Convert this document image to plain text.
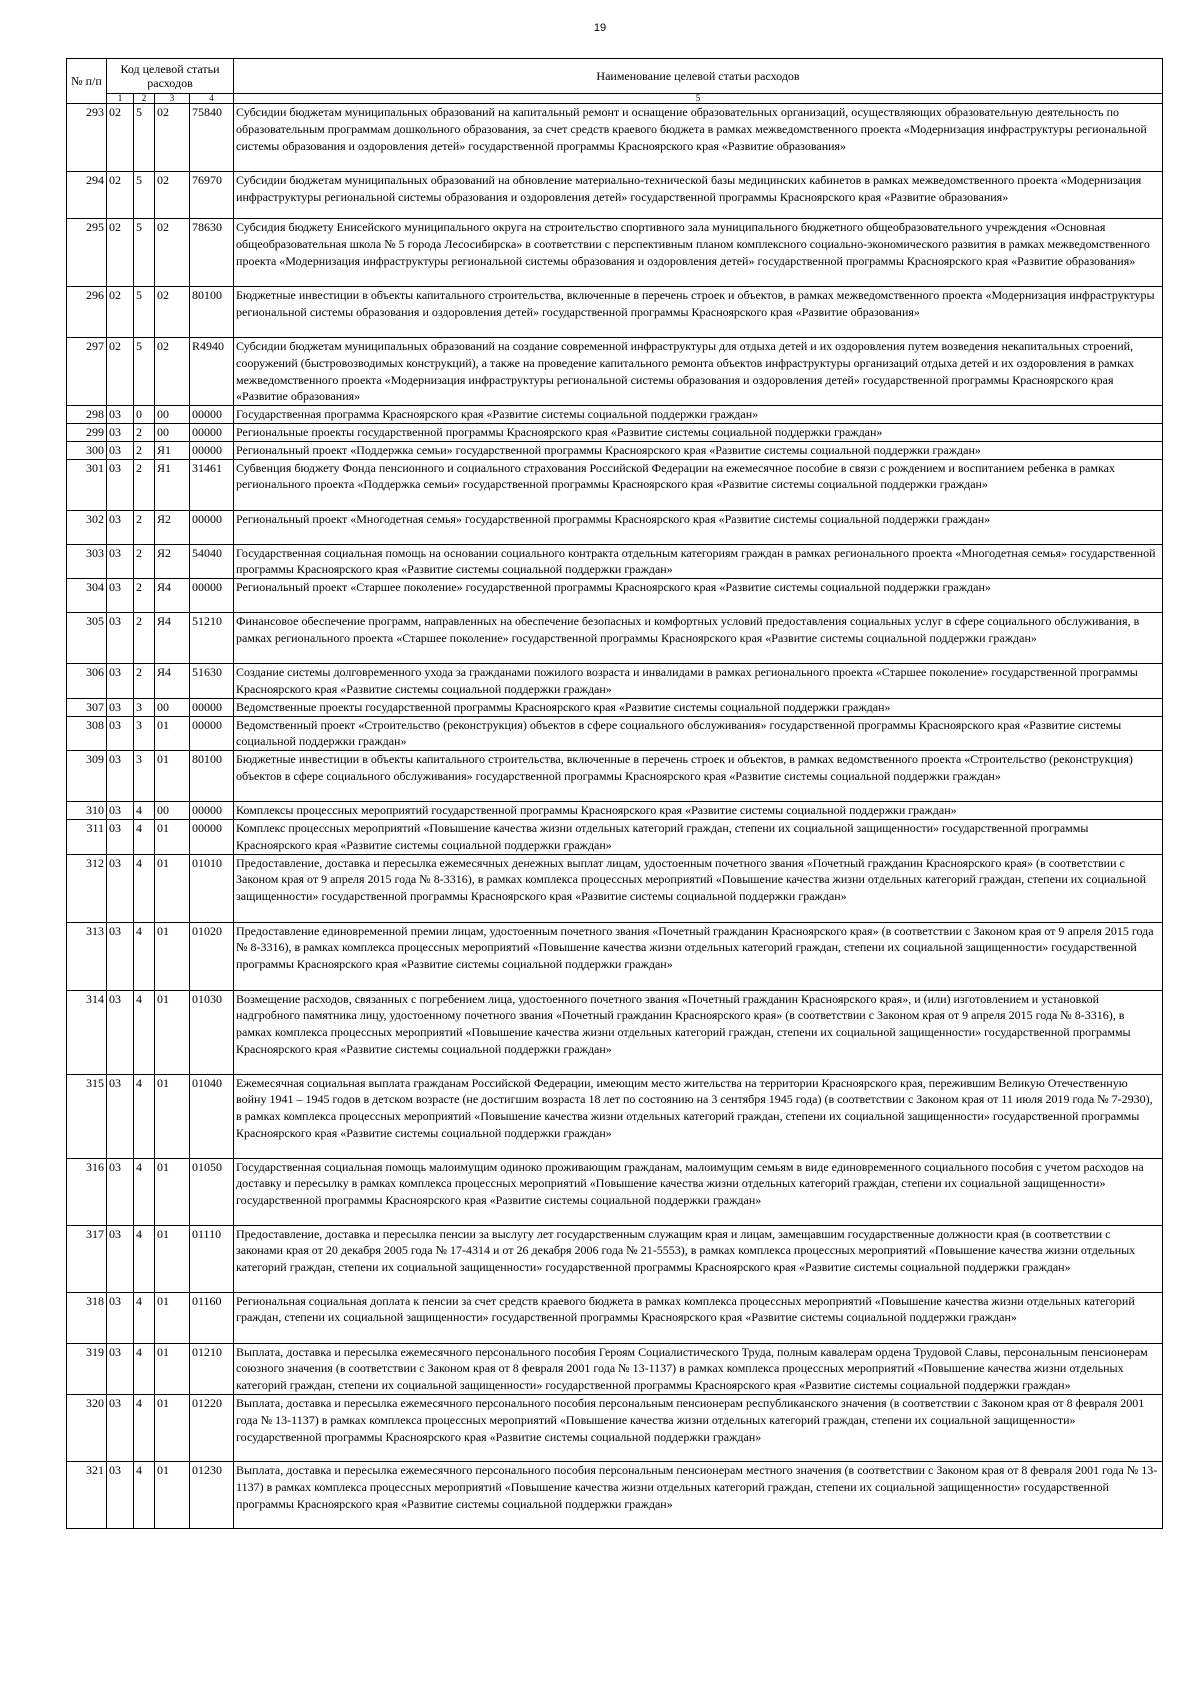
19
№ п/п	Код целевой статьи расходов				Наименование целевой статьи расходов
	1	2	3	4	5
293	02	5	02	75840	Субсидии бюджетам муниципальных образований на капитальный ремонт и оснащение образовательных организаций, осуществляющих образовательную деятельность по образовательным программам дошкольного образования, за счет средств краевого бюджета в рамках межведомственного проекта «Модернизация инфраструктуры региональной системы образования и оздоровления детей» государственной программы Красноярского края «Развитие образования»
294	02	5	02	76970	Субсидии бюджетам муниципальных образований на обновление материально-технической базы медицинских кабинетов в рамках межведомственного проекта «Модернизация инфраструктуры региональной системы образования и оздоровления детей» государственной программы Красноярского края «Развитие образования»
295	02	5	02	78630	Субсидия бюджету Енисейского муниципального округа на строительство спортивного зала муниципального бюджетного общеобразовательного учреждения «Основная общеобразовательная школа № 5 города Лесосибирска» в соответствии с перспективным планом комплексного социально-экономического развития в рамках межведомственного проекта «Модернизация инфраструктуры региональной системы образования и оздоровления детей» государственной программы Красноярского края «Развитие образования»
296	02	5	02	80100	Бюджетные инвестиции в объекты капитального строительства, включенные в перечень строек и объектов, в рамках межведомственного проекта «Модернизация инфраструктуры региональной системы образования и оздоровления детей» государственной программы Красноярского края «Развитие образования»
297	02	5	02	R4940	Субсидии бюджетам муниципальных образований на создание современной инфраструктуры для отдыха детей и их оздоровления путем возведения некапитальных строений, сооружений (быстровозводимых конструкций), а также на проведение капитального ремонта объектов инфраструктуры организаций отдыха детей и их оздоровления в рамках межведомственного проекта «Модернизация инфраструктуры региональной системы образования и оздоровления детей» государственной программы Красноярского края «Развитие образования»
298	03	0	00	00000	Государственная программа Красноярского края «Развитие системы социальной поддержки граждан»
299	03	2	00	00000	Региональные проекты государственной программы Красноярского края «Развитие системы социальной поддержки граждан»
300	03	2	Я1	00000	Региональный проект «Поддержка семьи» государственной программы Красноярского края «Развитие системы социальной поддержки граждан»
301	03	2	Я1	31461	Субвенция бюджету Фонда пенсионного и социального страхования Российской Федерации на ежемесячное пособие в связи с рождением и воспитанием ребенка в рамках регионального проекта «Поддержка семьи» государственной программы Красноярского края «Развитие системы социальной поддержки граждан»
302	03	2	Я2	00000	Региональный проект «Многодетная семья» государственной программы Красноярского края «Развитие системы социальной поддержки граждан»
303	03	2	Я2	54040	Государственная социальная помощь на основании социального контракта отдельным категориям граждан в рамках регионального проекта «Многодетная семья» государственной программы Красноярского края «Развитие системы социальной поддержки граждан»
304	03	2	Я4	00000	Региональный проект «Старшее поколение» государственной программы Красноярского края «Развитие системы социальной поддержки граждан»
305	03	2	Я4	51210	Финансовое обеспечение программ, направленных на обеспечение безопасных и комфортных условий предоставления социальных услуг в сфере социального обслуживания, в рамках регионального проекта «Старшее поколение» государственной программы Красноярского края «Развитие системы социальной поддержки граждан»
306	03	2	Я4	51630	Создание системы долговременного ухода за гражданами пожилого возраста и инвалидами в рамках регионального проекта «Старшее поколение» государственной программы Красноярского края «Развитие системы социальной поддержки граждан»
307	03	3	00	00000	Ведомственные проекты государственной программы Красноярского края «Развитие системы социальной поддержки граждан»
308	03	3	01	00000	Ведомственный проект «Строительство (реконструкция) объектов в сфере социального обслуживания» государственной программы Красноярского края «Развитие системы социальной поддержки граждан»
309	03	3	01	80100	Бюджетные инвестиции в объекты капитального строительства, включенные в перечень строек и объектов, в рамках ведомственного проекта «Строительство (реконструкция) объектов в сфере социального обслуживания» государственной программы Красноярского края «Развитие системы социальной поддержки граждан»
310	03	4	00	00000	Комплексы процессных мероприятий государственной программы Красноярского края «Развитие системы социальной поддержки граждан»
311	03	4	01	00000	Комплекс процессных мероприятий «Повышение качества жизни отдельных категорий граждан, степени их социальной защищенности» государственной программы Красноярского края «Развитие системы социальной поддержки граждан»
312	03	4	01	01010	Предоставление, доставка и пересылка ежемесячных денежных выплат лицам, удостоенным почетного звания «Почетный гражданин Красноярского края» (в соответствии с Законом края от 9 апреля 2015 года № 8-3316), в рамках комплекса процессных мероприятий «Повышение качества жизни отдельных категорий граждан, степени их социальной защищенности» государственной программы Красноярского края «Развитие системы социальной поддержки граждан»
313	03	4	01	01020	Предоставление единовременной премии лицам, удостоенным почетного звания «Почетный гражданин Красноярского края» (в соответствии с Законом края от 9 апреля 2015 года № 8-3316), в рамках комплекса процессных мероприятий «Повышение качества жизни отдельных категорий граждан, степени их социальной защищенности» государственной программы Красноярского края «Развитие системы социальной поддержки граждан»
314	03	4	01	01030	Возмещение расходов, связанных с погребением лица, удостоенного почетного звания «Почетный гражданин Красноярского края», и (или) изготовлением и установкой надгробного памятника лицу, удостоенному почетного звания «Почетный гражданин Красноярского края» (в соответствии с Законом края от 9 апреля 2015 года № 8-3316), в рамках комплекса процессных мероприятий «Повышение качества жизни отдельных категорий граждан, степени их социальной защищенности» государственной программы Красноярского края «Развитие системы социальной поддержки граждан»
315	03	4	01	01040	Ежемесячная социальная выплата гражданам Российской Федерации, имеющим место жительства на территории Красноярского края, пережившим Великую Отечественную войну 1941 – 1945 годов в детском возрасте (не достигшим возраста 18 лет по состоянию на 3 сентября 1945 года) (в соответствии с Законом края от 11 июля 2019 года № 7-2930), в рамках комплекса процессных мероприятий «Повышение качества жизни отдельных категорий граждан, степени их социальной защищенности» государственной программы Красноярского края «Развитие системы социальной поддержки граждан»
316	03	4	01	01050	Государственная социальная помощь малоимущим одиноко проживающим гражданам, малоимущим семьям в виде единовременного социального пособия с учетом расходов на доставку и пересылку в рамках комплекса процессных мероприятий «Повышение качества жизни отдельных категорий граждан, степени их социальной защищенности» государственной программы Красноярского края «Развитие системы социальной поддержки граждан»
317	03	4	01	01110	Предоставление, доставка и пересылка пенсии за выслугу лет государственным служащим края и лицам, замещавшим государственные должности края (в соответствии с законами края от 20 декабря 2005 года № 17-4314 и от 26 декабря 2006 года № 21-5553), в рамках комплекса процессных мероприятий «Повышение качества жизни отдельных категорий граждан, степени их социальной защищенности» государственной программы Красноярского края «Развитие системы социальной поддержки граждан»
318	03	4	01	01160	Региональная социальная доплата к пенсии за счет средств краевого бюджета в рамках комплекса процессных мероприятий «Повышение качества жизни отдельных категорий граждан, степени их социальной защищенности» государственной программы Красноярского края «Развитие системы социальной поддержки граждан»
319	03	4	01	01210	Выплата, доставка и пересылка ежемесячного персонального пособия Героям Социалистического Труда, полным кавалерам ордена Трудовой Славы, персональным пенсионерам союзного значения (в соответствии с Законом края от 8 февраля 2001 года № 13-1137) в рамках комплекса процессных мероприятий «Повышение качества жизни отдельных категорий граждан, степени их социальной защищенности» государственной программы Красноярского края «Развитие системы социальной поддержки граждан»
320	03	4	01	01220	Выплата, доставка и пересылка ежемесячного персонального пособия персональным пенсионерам республиканского значения (в соответствии с Законом края от 8 февраля 2001 года № 13-1137) в рамках комплекса процессных мероприятий «Повышение качества жизни отдельных категорий граждан, степени их социальной защищенности» государственной программы Красноярского края «Развитие системы социальной поддержки граждан»
321	03	4	01	01230	Выплата, доставка и пересылка ежемесячного персонального пособия персональным пенсионерам местного значения (в соответствии с Законом края от 8 февраля 2001 года № 13-1137) в рамках комплекса процессных мероприятий «Повышение качества жизни отдельных категорий граждан, степени их социальной защищенности» государственной программы Красноярского края «Развитие системы социальной поддержки граждан»
